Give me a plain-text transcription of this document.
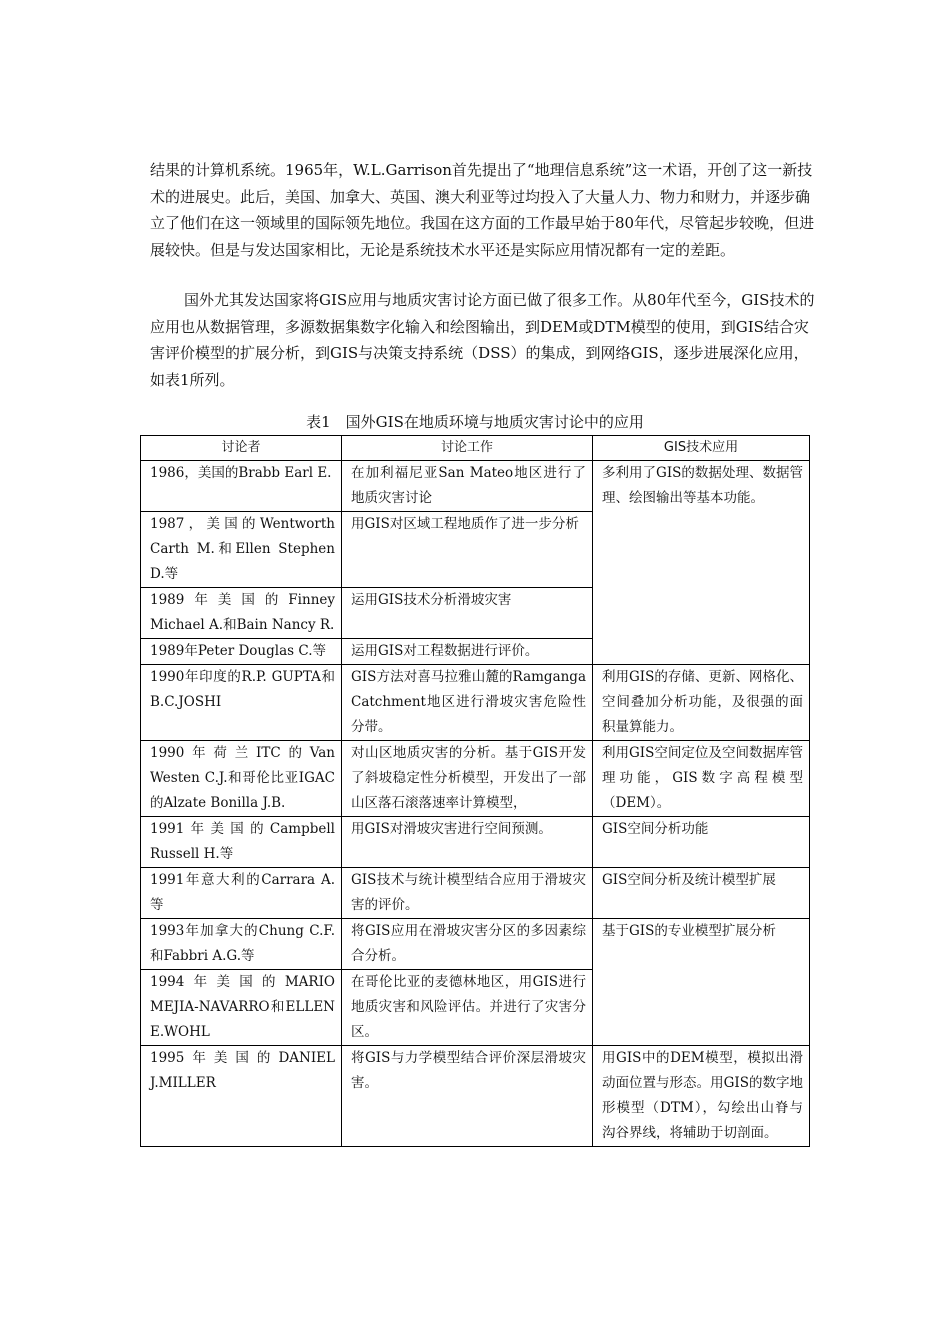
结果的计算机系统。1965年，W.L.Garrison首先提出了“地理信息系统”这一术语，开创了这一新技术的进展史。此后，美国、加拿大、英国、澳大利亚等过均投入了大量人力、物力和财力，并逐步确立了他们在这一领域里的国际领先地位。我国在这方面的工作最早始于80年代，尽管起步较晚，但进展较快。但是与发达国家相比，无论是系统技术水平还是实际应用情况都有一定的差距。

国外尤其发达国家将GIS应用与地质灾害讨论方面已做了很多工作。从80年代至今，GIS技术的应用也从数据管理，多源数据集数字化输入和绘图输出，到DEM或DTM模型的使用，到GIS结合灾害评价模型的扩展分析，到GIS与决策支持系统（DSS）的集成，到网络GIS，逐步进展深化应用，如表1所列。

表1　国外GIS在地质环境与地质灾害讨论中的应用
讨论者	讨论工作	GIS技术应用
1986，美国的Brabb Earl E.	在加利福尼亚San Mateo地区进行了地质灾害讨论	多利用了GIS的数据处理、数据管理、绘图输出等基本功能。
1987，美国的Wentworth Carth M.和Ellen Stephen D.等	用GIS对区域工程地质作了进一步分析	
1989年美国的Finney Michael A.和Bain Nancy R.	运用GIS技术分析滑坡灾害	
1989年Peter Douglas C.等	运用GIS对工程数据进行评价。	
1990年印度的R.P. GUPTA和B.C.JOSHI	GIS方法对喜马拉雅山麓的Ramganga Catchment地区进行滑坡灾害危险性分带。	利用GIS的存储、更新、网格化、空间叠加分析功能，及很强的面积量算能力。
1990年荷兰ITC的Van Westen C.J.和哥伦比亚IGAC的Alzate Bonilla J.B.	对山区地质灾害的分析。基于GIS开发了斜坡稳定性分析模型，开发出了一部山区落石滚落速率计算模型，	利用GIS空间定位及空间数据库管理功能，GIS数字高程模型（DEM）。
1991年美国的Campbell Russell H.等	用GIS对滑坡灾害进行空间预测。	GIS空间分析功能
1991年意大利的Carrara A.等	GIS技术与统计模型结合应用于滑坡灾害的评价。	GIS空间分析及统计模型扩展
1993年加拿大的Chung C.F.和Fabbri A.G.等	将GIS应用在滑坡灾害分区的多因素综合分析。	基于GIS的专业模型扩展分析
1994年美国的MARIO MEJIA-NAVARRO和ELLEN E.WOHL	在哥伦比亚的麦德林地区，用GIS进行地质灾害和风险评估。并进行了灾害分区。	
1995年美国的DANIEL J.MILLER	将GIS与力学模型结合评价深层滑坡灾害。	用GIS中的DEM模型，模拟出滑动面位置与形态。用GIS的数字地形模型（DTM），勾绘出山脊与沟谷界线，将辅助于切剖面。
